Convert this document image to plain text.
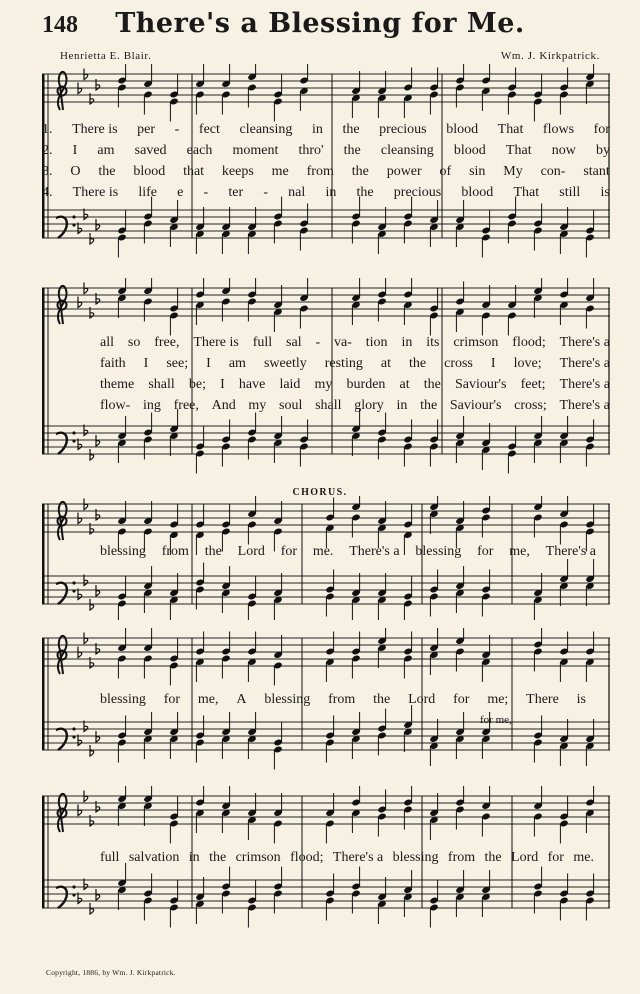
148	There's a Blessing for Me.
Henrietta E. Blair.	Wm. J. Kirkpatrick.
1. There is per - fect cleansing in the precious blood That flows for
2. I am saved each moment thro' the cleansing blood That now by
3. O the blood that keeps me from the power of sin My con- stant
4. There is life e - ter - nal in the precious blood That still is
all so free, There is full sal - va- tion in its crimson flood; There's a
faith I see; I am sweetly resting at the cross I love; There's a
theme shall be; I have laid my burden at the Saviour's feet; There's a
flow- ing free, And my soul shall glory in the Saviour's cross; There's a
CHORUS.
blessing from the Lord for me. There's a blessing for me, There's a
blessing for me, A blessing from the Lord for me; There is
for me,
full salvation in the crimson flood; There's a blessing from the Lord for me.
Copyright, 1886, by Wm. J. Kirkpatrick.
